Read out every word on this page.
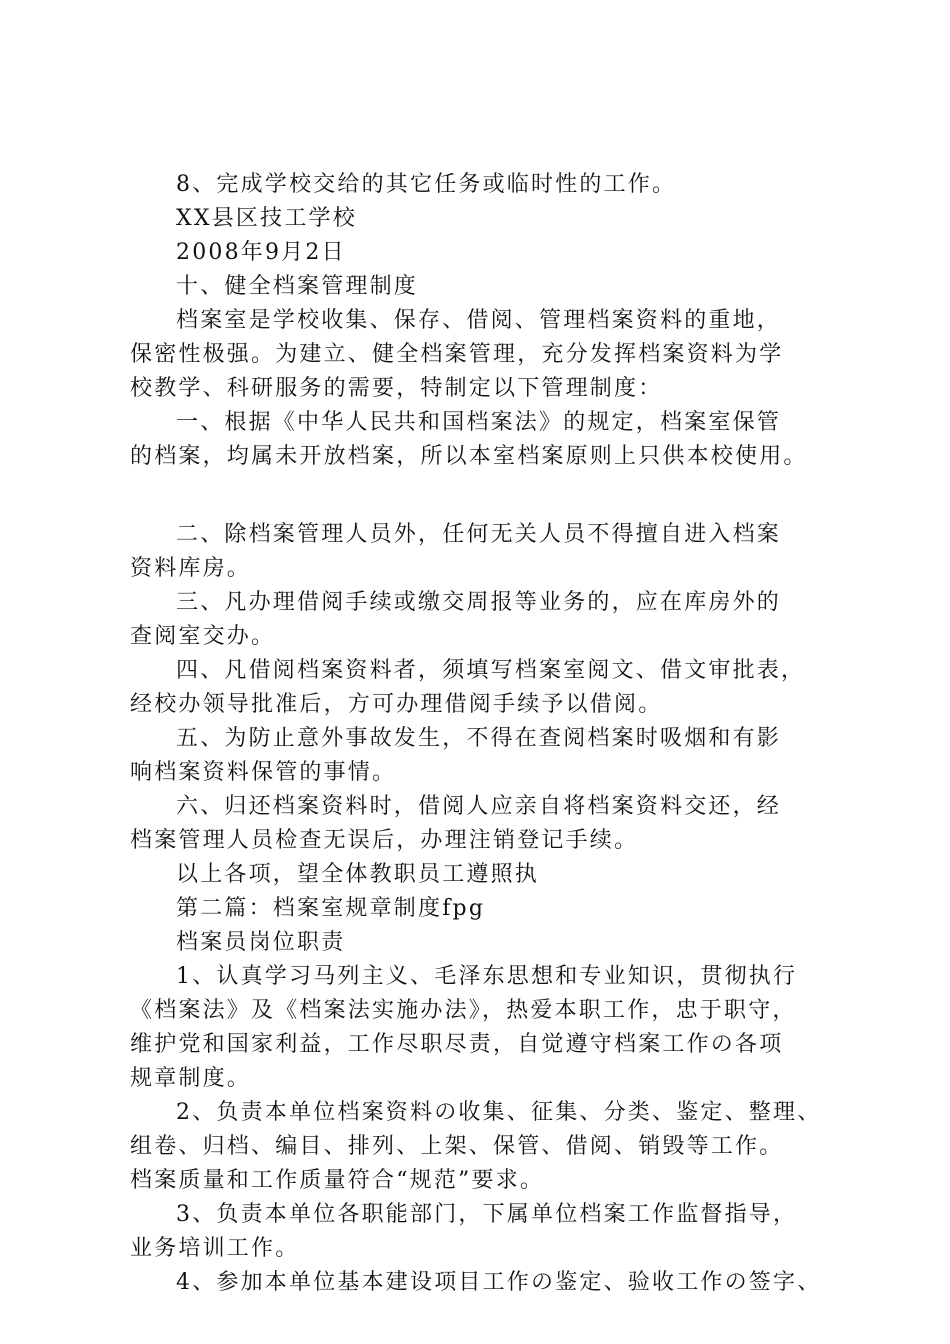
8、完成学校交给的其它任务或临时性的工作。
XX县区技工学校
2008年9月2日
十、健全档案管理制度
档案室是学校收集、保存、借阅、管理档案资料的重地，
保密性极强。为建立、健全档案管理，充分发挥档案资料为学
校教学、科研服务的需要，特制定以下管理制度：
一、根据《中华人民共和国档案法》的规定，档案室保管
的档案，均属未开放档案，所以本室档案原则上只供本校使用。
二、除档案管理人员外，任何无关人员不得擅自进入档案
资料库房。
三、凡办理借阅手续或缴交周报等业务的，应在库房外的
查阅室交办。
四、凡借阅档案资料者，须填写档案室阅文、借文审批表，
经校办领导批准后，方可办理借阅手续予以借阅。
五、为防止意外事故发生，不得在查阅档案时吸烟和有影
响档案资料保管的事情。
六、归还档案资料时，借阅人应亲自将档案资料交还，经
档案管理人员检查无误后，办理注销登记手续。
以上各项，望全体教职员工遵照执
第二篇：档案室规章制度fpg
档案员岗位职责
1、认真学习马列主义、毛泽东思想和专业知识，贯彻执行
《档案法》及《档案法实施办法》，热爱本职工作，忠于职守，
维护党和国家利益，工作尽职尽责，自觉遵守档案工作の各项
规章制度。
2、负责本单位档案资料の收集、征集、分类、鉴定、整理、
组卷、归档、编目、排列、上架、保管、借阅、销毁等工作。
档案质量和工作质量符合“规范”要求。
3、负责本单位各职能部门，下属单位档案工作监督指导，
业务培训工作。
4、参加本单位基本建设项目工作の鉴定、验收工作の签字、
